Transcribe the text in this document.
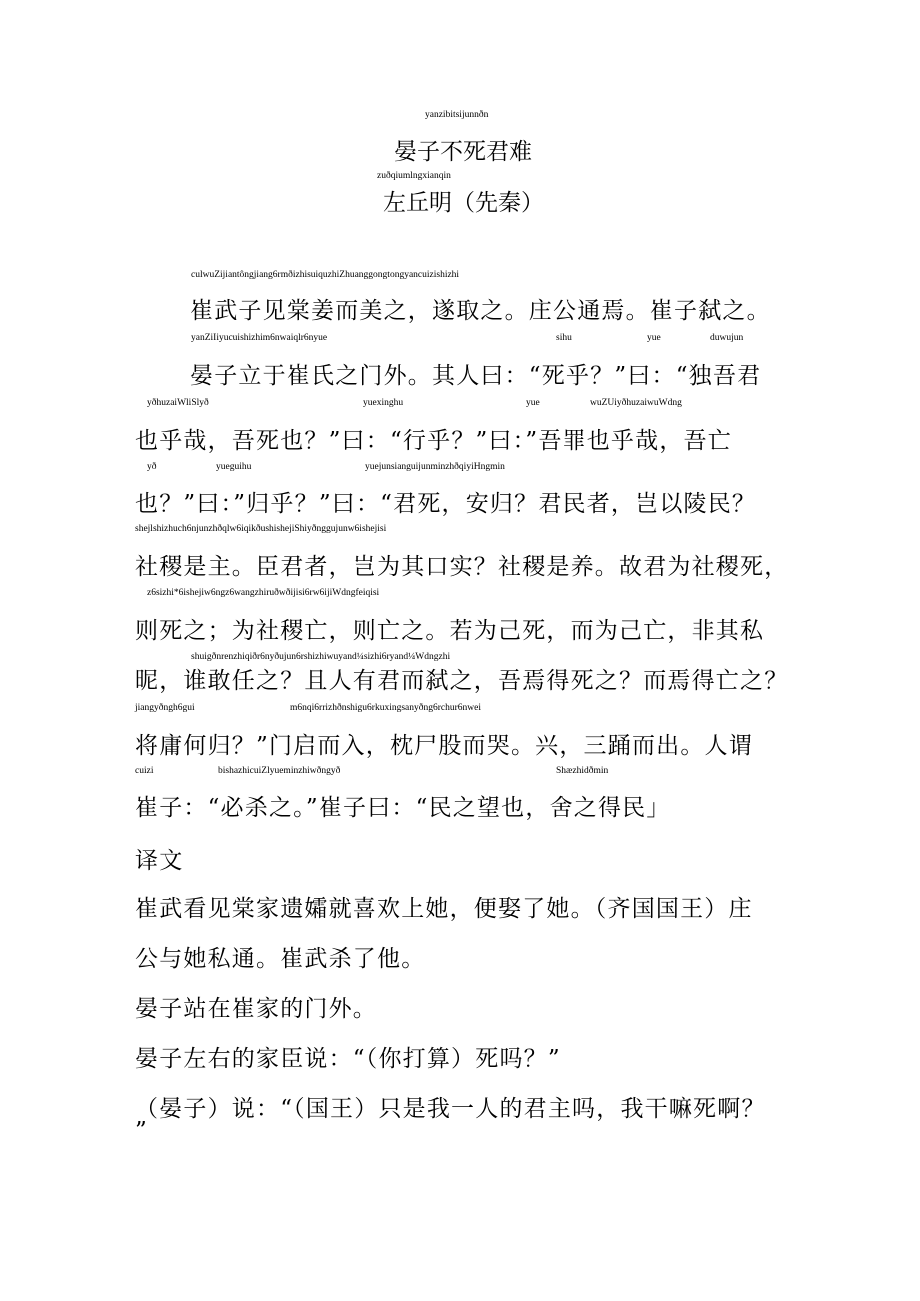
yanzibitsijunnðn
晏子不死君难
zuðqiumlngxianqin
左丘明（先秦）
culwuZijiantôngjiang6rmðizhisuiquzhiZhuanggongtongyancuizishizhi
崔武子见棠姜而美之，遂取之。庄公通焉。崔子弑之。
yanZiIiyucuishizhim6nwaiqlr6nyue	sihu	yue	duwujun
晏子立于崔氏之门外。其人曰：“死乎？”曰：“独吾君
yðhuzaiWliSlyð	yuexinghu	yue	wuZUiyðhuzaiwuWdng
也乎哉，吾死也？”曰：“行乎？”曰：”吾罪也乎哉，吾亡
yð	yueguihu	yuejunsianguijunminzhðqiyiHngmin
也？”曰：”归乎？”曰：“君死，安归？君民者，岂以陵民？
shejlshizhuch6njunzhðqlw6iqikðushishejiShiyðnggujunw6ishejisi
社稷是主。臣君者，岂为其口实？社稷是养。故君为社稷死，
z6sizhi*6ishejiw6ngz6wangzhiruðwðijisi6rw6ijiWdngfeiqisi
则死之；为社稷亡，则亡之。若为己死，而为己亡，非其私
shuigðnrenzhiqiðr6nyðujun6rshizhiwuyand¼sizhi6ryand¼Wdngzhi
昵，谁敢任之？且人有君而弑之，吾焉得死之？而焉得亡之？
jiangyðngh6gui	m6nqi6rrizhðnshigu6rkuxingsanyðng6rchur6nwei
将庸何归？”门启而入，枕尸股而哭。兴，三踊而出。人谓
cuizi	bishazhicuiZlyueminzhiwðngyð	Shæzhidðmin
崔子：“必杀之。”崔子曰：“民之望也，舍之得民」
译文
崔武看见棠家遗孀就喜欢上她，便娶了她。（齐国国王）庄
公与她私通。崔武杀了他。
晏子站在崔家的门外。
晏子左右的家臣说：“（你打算）死吗？”
（晏子）说：“（国王）只是我一人的君主吗，我干嘛死啊？
”
